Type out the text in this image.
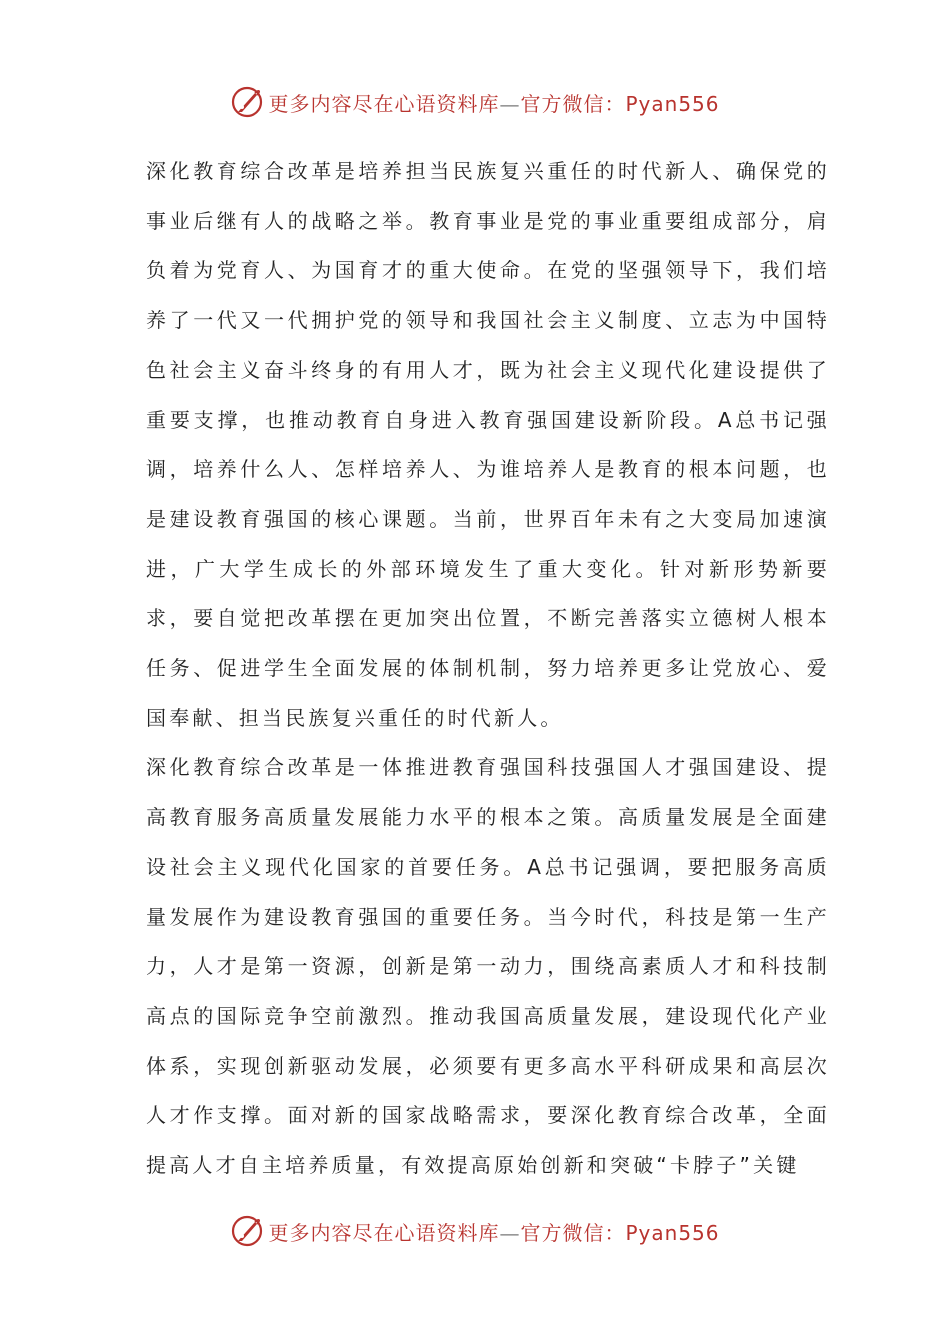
更多内容尽在心语资料库—官方微信：Pyan556

深化教育综合改革是培养担当民族复兴重任的时代新人、确保党的事业后继有人的战略之举。教育事业是党的事业重要组成部分，肩负着为党育人、为国育才的重大使命。在党的坚强领导下，我们培养了一代又一代拥护党的领导和我国社会主义制度、立志为中国特色社会主义奋斗终身的有用人才，既为社会主义现代化建设提供了重要支撑，也推动教育自身进入教育强国建设新阶段。A总书记强调，培养什么人、怎样培养人、为谁培养人是教育的根本问题，也是建设教育强国的核心课题。当前，世界百年未有之大变局加速演进，广大学生成长的外部环境发生了重大变化。针对新形势新要求，要自觉把改革摆在更加突出位置，不断完善落实立德树人根本任务、促进学生全面发展的体制机制，努力培养更多让党放心、爱国奉献、担当民族复兴重任的时代新人。

深化教育综合改革是一体推进教育强国科技强国人才强国建设、提高教育服务高质量发展能力水平的根本之策。高质量发展是全面建设社会主义现代化国家的首要任务。A总书记强调，要把服务高质量发展作为建设教育强国的重要任务。当今时代，科技是第一生产力，人才是第一资源，创新是第一动力，围绕高素质人才和科技制高点的国际竞争空前激烈。推动我国高质量发展，建设现代化产业体系，实现创新驱动发展，必须要有更多高水平科研成果和高层次人才作支撑。面对新的国家战略需求，要深化教育综合改革，全面提高人才自主培养质量，有效提高原始创新和突破“卡脖子”关键

更多内容尽在心语资料库—官方微信：Pyan556
